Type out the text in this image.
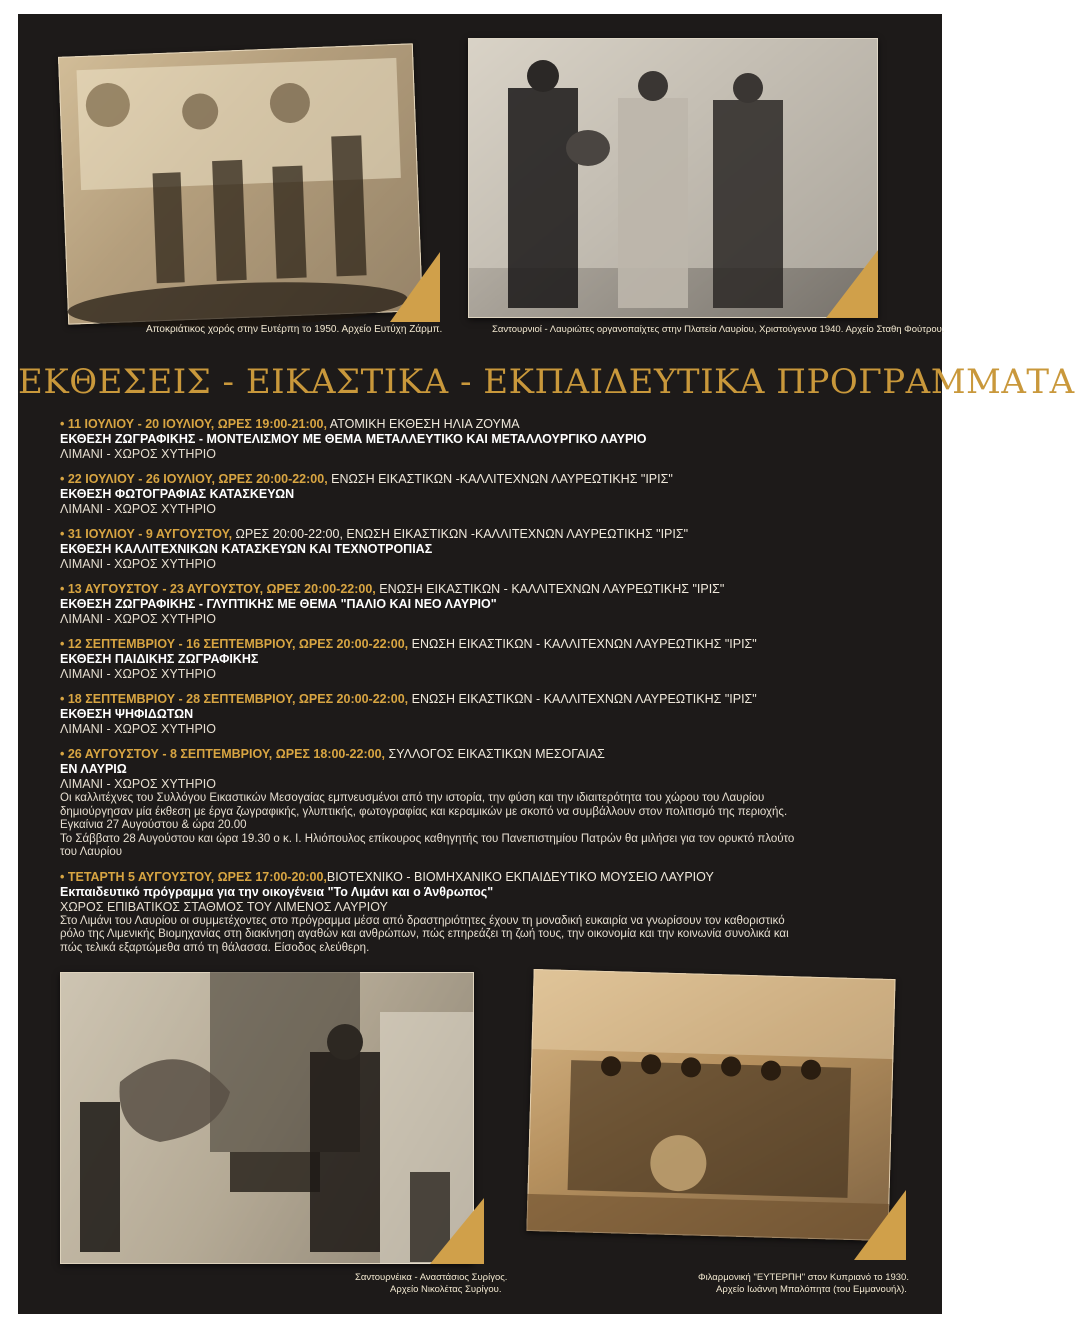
Αποκριάτικος χορός στην Ευτέρπη το 1950. Αρχείο Ευτύχη Ζάρμπ.	Σαντουρνιοί - Λαυριώτες οργανοπαίχτες στην Πλατεία Λαυρίου, Χριστούγεννα 1940. Αρχείο Σταθη Φούτρου.
ΕΚΘΕΣΕΙΣ - ΕΙΚΑΣΤΙΚΑ - ΕΚΠΑΙΔΕΥΤΙΚΑ ΠΡΟΓΡΑΜΜΑΤΑ
• 11 ΙΟΥΛΙΟΥ - 20 ΙΟΥΛΙΟΥ, ΩΡΕΣ 19:00-21:00, ΑΤΟΜΙΚΗ ΕΚΘΕΣΗ ΗΛΙΑ ΖΟΥΜΑ
ΕΚΘΕΣΗ ΖΩΓΡΑΦΙΚΗΣ - ΜΟΝΤΕΛΙΣΜΟΥ ΜΕ ΘΕΜΑ ΜΕΤΑΛΛΕΥΤΙΚΟ ΚΑΙ ΜΕΤΑΛΛΟΥΡΓΙΚΟ ΛΑΥΡΙΟ
ΛΙΜΑΝΙ - ΧΩΡΟΣ ΧΥΤΗΡΙΟ
• 22 ΙΟΥΛΙΟΥ - 26 ΙΟΥΛΙΟΥ, ΩΡΕΣ 20:00-22:00, ΕΝΩΣΗ ΕΙΚΑΣΤΙΚΩΝ -ΚΑΛΛΙΤΕΧΝΩΝ ΛΑΥΡΕΩΤΙΚΗΣ "ΙΡΙΣ"
ΕΚΘΕΣΗ ΦΩΤΟΓΡΑΦΙΑΣ ΚΑΤΑΣΚΕΥΩΝ
ΛΙΜΑΝΙ - ΧΩΡΟΣ ΧΥΤΗΡΙΟ
• 31 ΙΟΥΛΙΟΥ - 9 ΑΥΓΟΥΣΤΟΥ, ΩΡΕΣ 20:00-22:00, ΕΝΩΣΗ ΕΙΚΑΣΤΙΚΩΝ -ΚΑΛΛΙΤΕΧΝΩΝ ΛΑΥΡΕΩΤΙΚΗΣ "ΙΡΙΣ"
ΕΚΘΕΣΗ ΚΑΛΛΙΤΕΧΝΙΚΩΝ ΚΑΤΑΣΚΕΥΩΝ ΚΑΙ ΤΕΧΝΟΤΡΟΠΙΑΣ
ΛΙΜΑΝΙ - ΧΩΡΟΣ ΧΥΤΗΡΙΟ
• 13 ΑΥΓΟΥΣΤΟΥ - 23 ΑΥΓΟΥΣΤΟΥ, ΩΡΕΣ 20:00-22:00, ΕΝΩΣΗ ΕΙΚΑΣΤΙΚΩΝ - ΚΑΛΛΙΤΕΧΝΩΝ ΛΑΥΡΕΩΤΙΚΗΣ "ΙΡΙΣ"
ΕΚΘΕΣΗ ΖΩΓΡΑΦΙΚΗΣ - ΓΛΥΠΤΙΚΗΣ ΜΕ ΘΕΜΑ "ΠΑΛΙΟ ΚΑΙ ΝΕΟ ΛΑΥΡΙΟ"
ΛΙΜΑΝΙ - ΧΩΡΟΣ ΧΥΤΗΡΙΟ
• 12 ΣΕΠΤΕΜΒΡΙΟΥ - 16 ΣΕΠΤΕΜΒΡΙΟΥ, ΩΡΕΣ 20:00-22:00, ΕΝΩΣΗ ΕΙΚΑΣΤΙΚΩΝ - ΚΑΛΛΙΤΕΧΝΩΝ ΛΑΥΡΕΩΤΙΚΗΣ "ΙΡΙΣ"
ΕΚΘΕΣΗ ΠΑΙΔΙΚΗΣ ΖΩΓΡΑΦΙΚΗΣ
ΛΙΜΑΝΙ - ΧΩΡΟΣ ΧΥΤΗΡΙΟ
• 18 ΣΕΠΤΕΜΒΡΙΟΥ - 28 ΣΕΠΤΕΜΒΡΙΟΥ, ΩΡΕΣ 20:00-22:00, ΕΝΩΣΗ ΕΙΚΑΣΤΙΚΩΝ - ΚΑΛΛΙΤΕΧΝΩΝ ΛΑΥΡΕΩΤΙΚΗΣ "ΙΡΙΣ"
ΕΚΘΕΣΗ ΨΗΦΙΔΩΤΩΝ
ΛΙΜΑΝΙ - ΧΩΡΟΣ ΧΥΤΗΡΙΟ
• 26 ΑΥΓΟΥΣΤΟΥ - 8 ΣΕΠΤΕΜΒΡΙΟΥ, ΩΡΕΣ 18:00-22:00, ΣΥΛΛΟΓΟΣ ΕΙΚΑΣΤΙΚΩΝ ΜΕΣΟΓΑΙΑΣ
ΕΝ ΛΑΥΡΙΩ
ΛΙΜΑΝΙ - ΧΩΡΟΣ ΧΥΤΗΡΙΟ

Οι καλλιτέχνες του Συλλόγου Εικαστικών Μεσογαίας εμπνευσμένοι από την ιστορία, την φύση και την ιδιαιτερότητα του χώρου του Λαυρίου

δημιούργησαν μία έκθεση με έργα ζωγραφικής, γλυπτικής, φωτογραφίας και κεραμικών με σκοπό να συμβάλλουν στον πολιτισμό της περιοχής.

Εγκαίνια 27 Αυγούστου & ώρα 20.00

Το Σάββατο 28 Αυγούστου και ώρα 19.30 ο κ. Ι. Ηλιόπουλος επίκουρος καθηγητής του Πανεπιστημίου Πατρών θα μιλήσει για τον ορυκτό πλούτο

του Λαυρίου

• ΤΕΤΑΡΤΗ 5 ΑΥΓΟΥΣΤΟΥ, ΩΡΕΣ 17:00-20:00,ΒΙΟΤΕΧΝΙΚΟ - ΒΙΟΜΗΧΑΝΙΚΟ ΕΚΠΑΙΔΕΥΤΙΚΟ ΜΟΥΣΕΙΟ ΛΑΥΡΙΟΥ
Εκπαιδευτικό πρόγραμμα για την οικογένεια "Το Λιμάνι και ο Άνθρωπος"
ΧΩΡΟΣ ΕΠΙΒΑΤΙΚΟΣ ΣΤΑΘΜΟΣ ΤΟΥ ΛΙΜΕΝΟΣ ΛΑΥΡΙΟΥ

Στο Λιμάνι του Λαυρίου οι συμμετέχοντες στο πρόγραμμα μέσα από δραστηριότητες έχουν τη μοναδική ευκαιρία να γνωρίσουν τον καθοριστικό

ρόλο της Λιμενικής Βιομηχανίας στη διακίνηση αγαθών και ανθρώπων, πώς επηρεάζει τη ζωή τους, την οικονομία και την κοινωνία συνολικά και

πώς τελικά εξαρτώμεθα από τη θάλασσα. Είσοδος ελεύθερη.

Σαντουρνέικα - Αναστάσιος Συρίγος.
Αρχείο Νικολέτας Συρίγου.
Φιλαρμονική "ΕΥΤΕΡΠΗ" στον Κυπριανό το 1930.
Αρχείο Ιωάννη Μπαλόπητα (του Εμμανουήλ).
